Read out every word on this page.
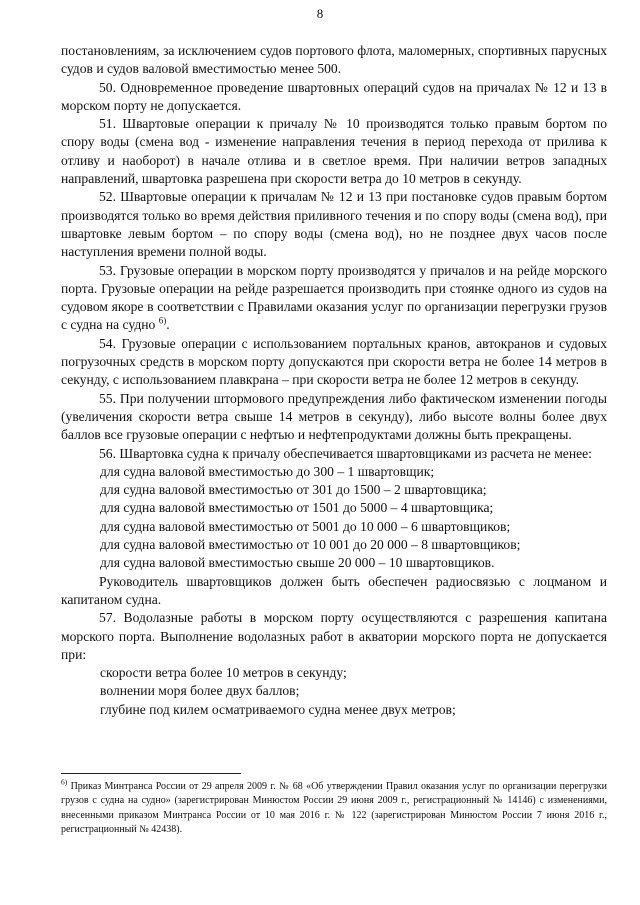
8

постановлениям, за исключением судов портового флота, маломерных, спортивных парусных судов и судов валовой вместимостью менее 500.

50. Одновременное проведение швартовных операций судов на причалах № 12 и 13 в морском порту не допускается.

51. Швартовые операции к причалу № 10 производятся только правым бортом по спору воды (смена вод - изменение направления течения в период перехода от прилива к отливу и наоборот) в начале отлива и в светлое время. При наличии ветров западных направлений, швартовка разрешена при скорости ветра до 10 метров в секунду.

52. Швартовые операции к причалам № 12 и 13 при постановке судов правым бортом производятся только во время действия приливного течения и по спору воды (смена вод), при швартовке левым бортом – по спору воды (смена вод), но не позднее двух часов после наступления времени полной воды.

53. Грузовые операции в морском порту производятся у причалов и на рейде морского порта. Грузовые операции на рейде разрешается производить при стоянке одного из судов на судовом якоре в соответствии с Правилами оказания услуг по организации перегрузки грузов с судна на судно $^{6)}$.

54. Грузовые операции с использованием портальных кранов, автокранов и судовых погрузочных средств в морском порту допускаются при скорости ветра не более 14 метров в секунду, с использованием плавкрана – при скорости ветра не более 12 метров в секунду.

55. При получении штормового предупреждения либо фактическом изменении погоды (увеличения скорости ветра свыше 14 метров в секунду), либо высоте волны более двух баллов все грузовые операции с нефтью и нефтепродуктами должны быть прекращены.

56. Швартовка судна к причалу обеспечивается швартовщиками из расчета не менее:

для судна валовой вместимостью до 300 – 1 швартовщик;

для судна валовой вместимостью от 301 до 1500 – 2 швартовщика;

для судна валовой вместимостью от 1501 до 5000 – 4 швартовщика;

для судна валовой вместимостью от 5001 до 10 000 – 6 швартовщиков;

для судна валовой вместимостью от 10 001 до 20 000 – 8 швартовщиков;

для судна валовой вместимостью свыше 20 000 – 10 швартовщиков.

Руководитель швартовщиков должен быть обеспечен радиосвязью с лоцманом и капитаном судна.

57. Водолазные работы в морском порту осуществляются с разрешения капитана морского порта. Выполнение водолазных работ в акватории морского порта не допускается при:

скорости ветра более 10 метров в секунду;

волнении моря более двух баллов;

глубине под килем осматриваемого судна менее двух метров;

$^{6)}$ Приказ Минтранса России от 29 апреля 2009 г. № 68 «Об утверждении Правил оказания услуг по организации перегрузки грузов с судна на судно» (зарегистрирован Минюстом России 29 июня 2009 г., регистрационный № 14146) с изменениями, внесенными приказом Минтранса России от 10 мая 2016 г. № 122 (зарегистрирован Минюстом России 7 июня 2016 г., регистрационный № 42438).
